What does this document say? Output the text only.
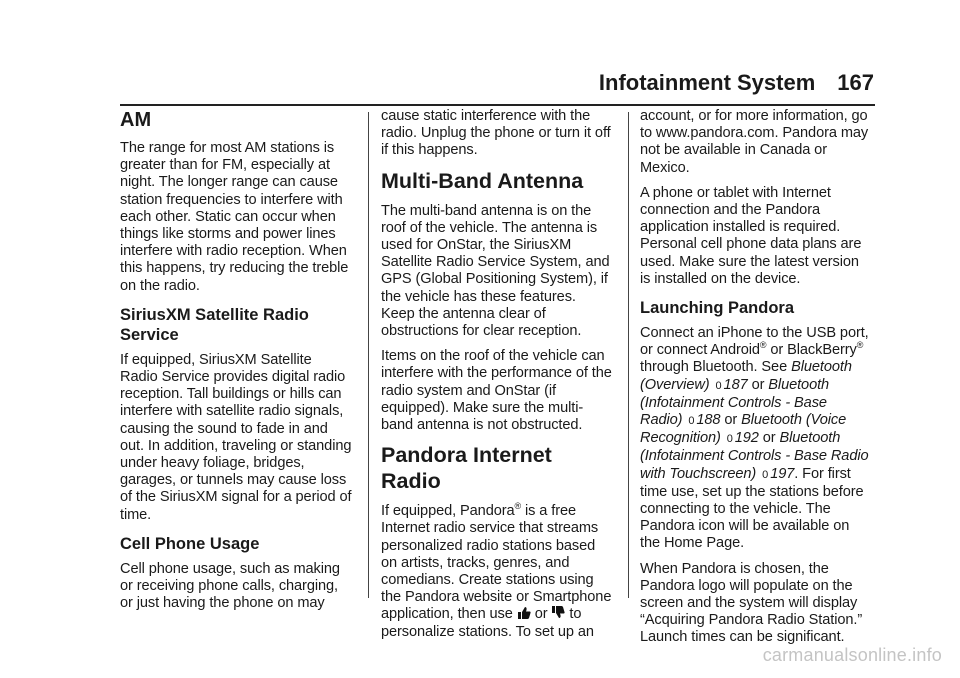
Infotainment System 167
AM

The range for most AM stations is greater than for FM, especially at night. The longer range can cause station frequencies to interfere with each other. Static can occur when things like storms and power lines interfere with radio reception. When this happens, try reducing the treble on the radio.

SiriusXM Satellite Radio Service

If equipped, SiriusXM Satellite Radio Service provides digital radio reception. Tall buildings or hills can interfere with satellite radio signals, causing the sound to fade in and out. In addition, traveling or standing under heavy foliage, bridges, garages, or tunnels may cause loss of the SiriusXM signal for a period of time.

Cell Phone Usage

Cell phone usage, such as making or receiving phone calls, charging, or just having the phone on may

cause static interference with the radio. Unplug the phone or turn it off if this happens.

Multi-Band Antenna

The multi-band antenna is on the roof of the vehicle. The antenna is used for OnStar, the SiriusXM Satellite Radio Service System, and GPS (Global Positioning System), if the vehicle has these features. Keep the antenna clear of obstructions for clear reception.

Items on the roof of the vehicle can interfere with the performance of the radio system and OnStar (if equipped). Make sure the multi-band antenna is not obstructed.

Pandora Internet Radio

If equipped, Pandora® is a free Internet radio service that streams personalized radio stations based on artists, tracks, genres, and comedians. Create stations using the Pandora website or Smartphone application, then use  or  to personalize stations. To set up an

account, or for more information, go to www.pandora.com. Pandora may not be available in Canada or Mexico.

A phone or tablet with Internet connection and the Pandora application installed is required. Personal cell phone data plans are used. Make sure the latest version is installed on the device.

Launching Pandora

Connect an iPhone to the USB port, or connect Android® or BlackBerry® through Bluetooth. See Bluetooth (Overview) 0 187 or Bluetooth (Infotainment Controls - Base Radio) 0 188 or Bluetooth (Voice Recognition) 0 192 or Bluetooth (Infotainment Controls - Base Radio with Touchscreen) 0 197. For first time use, set up the stations before connecting to the vehicle. The Pandora icon will be available on the Home Page.

When Pandora is chosen, the Pandora logo will populate on the screen and the system will display “Acquiring Pandora Radio Station.” Launch times can be significant.

carmanualsonline.info
